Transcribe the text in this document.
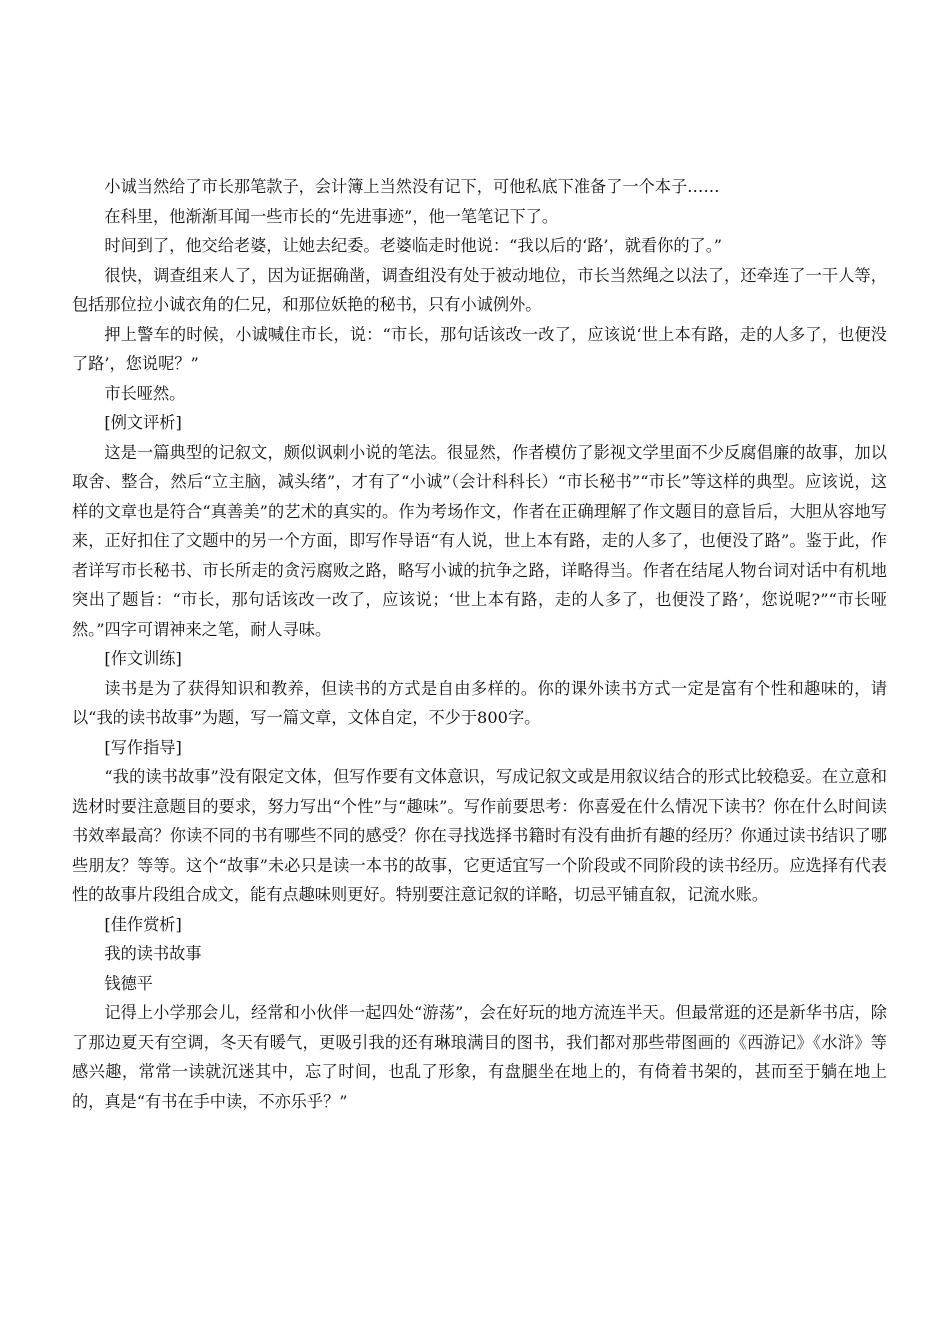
小诚当然给了市长那笔款子，会计簿上当然没有记下，可他私底下准备了一个本子……

在科里，他渐渐耳闻一些市长的“先进事迹”，他一笔笔记下了。

时间到了，他交给老婆，让她去纪委。老婆临走时他说：“我以后的‘路’，就看你的了。”

很快，调查组来人了，因为证据确凿，调查组没有处于被动地位，市长当然绳之以法了，还牵连了一干人等，包括那位拉小诚衣角的仁兄，和那位妖艳的秘书，只有小诚例外。

押上警车的时候，小诚喊住市长，说：“市长，那句话该改一改了，应该说‘世上本有路，走的人多了，也便没了路’，您说呢？”

市长哑然。

[例文评析]

这是一篇典型的记叙文，颇似讽刺小说的笔法。很显然，作者模仿了影视文学里面不少反腐倡廉的故事，加以取舍、整合，然后“立主脑，减头绪”，才有了“小诚”（会计科科长）“市长秘书”“市长”等这样的典型。应该说，这样的文章也是符合“真善美”的艺术的真实的。作为考场作文，作者在正确理解了作文题目的意旨后，大胆从容地写来，正好扣住了文题中的另一个方面，即写作导语“有人说，世上本有路，走的人多了，也便没了路”。鉴于此，作者详写市长秘书、市长所走的贪污腐败之路，略写小诚的抗争之路，详略得当。作者在结尾人物台词对话中有机地突出了题旨：“市长，那句话该改一改了，应该说；‘世上本有路，走的人多了，也便没了路’，您说呢?”“市长哑然。”四字可谓神来之笔，耐人寻味。

[作文训练]

读书是为了获得知识和教养，但读书的方式是自由多样的。你的课外读书方式一定是富有个性和趣味的，请以“我的读书故事”为题，写一篇文章，文体自定，不少于800字。

[写作指导]

“我的读书故事”没有限定文体，但写作要有文体意识，写成记叙文或是用叙议结合的形式比较稳妥。在立意和选材时要注意题目的要求，努力写出“个性”与“趣味”。写作前要思考：你喜爱在什么情况下读书？你在什么时间读书效率最高？你读不同的书有哪些不同的感受？你在寻找选择书籍时有没有曲折有趣的经历？你通过读书结识了哪些朋友？等等。这个“故事”未必只是读一本书的故事，它更适宜写一个阶段或不同阶段的读书经历。应选择有代表性的故事片段组合成文，能有点趣味则更好。特别要注意记叙的详略，切忌平铺直叙，记流水账。

[佳作赏析]

我的读书故事

钱德平

记得上小学那会儿，经常和小伙伴一起四处“游荡”，会在好玩的地方流连半天。但最常逛的还是新华书店，除了那边夏天有空调，冬天有暖气，更吸引我的还有琳琅满目的图书，我们都对那些带图画的《西游记》《水浒》等感兴趣，常常一读就沉迷其中，忘了时间，也乱了形象，有盘腿坐在地上的，有倚着书架的，甚而至于躺在地上的，真是“有书在手中读，不亦乐乎？”
